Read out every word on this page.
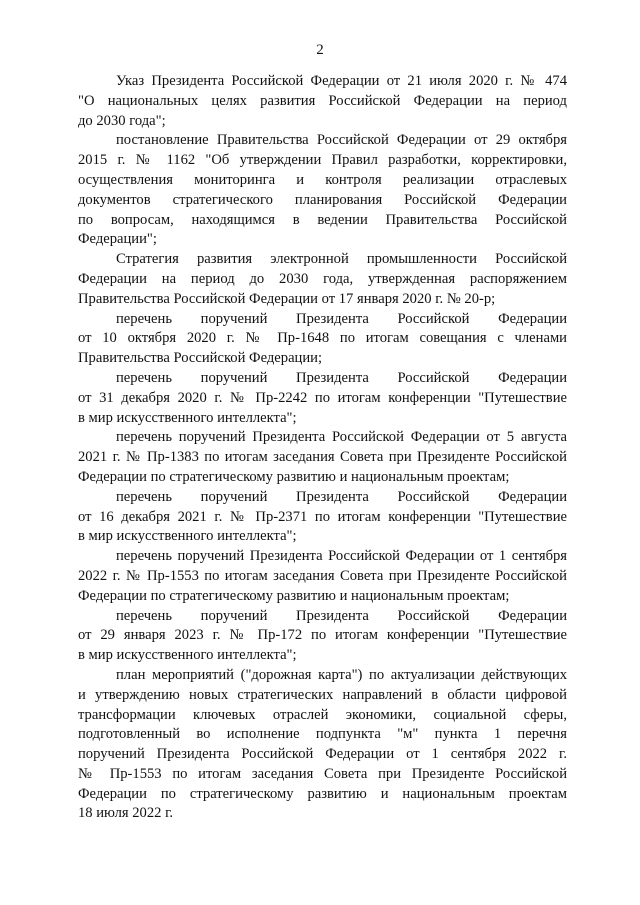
2
Указ Президента Российской Федерации от 21 июля 2020 г. № 474
"О национальных целях развития Российской Федерации на период
до 2030 года";
постановление Правительства Российской Федерации от 29 октября
2015 г. № 1162 "Об утверждении Правил разработки, корректировки,
осуществления мониторинга и контроля реализации отраслевых
документов стратегического планирования Российской Федерации
по вопросам, находящимся в ведении Правительства Российской
Федерации";
Стратегия развития электронной промышленности Российской
Федерации на период до 2030 года, утвержденная распоряжением
Правительства Российской Федерации от 17 января 2020 г. № 20-р;
перечень поручений Президента Российской Федерации
от 10 октября 2020 г. № Пр-1648 по итогам совещания с членами
Правительства Российской Федерации;
перечень поручений Президента Российской Федерации
от 31 декабря 2020 г. № Пр-2242 по итогам конференции "Путешествие
в мир искусственного интеллекта";
перечень поручений Президента Российской Федерации от 5 августа
2021 г. № Пр-1383 по итогам заседания Совета при Президенте Российской
Федерации по стратегическому развитию и национальным проектам;
перечень поручений Президента Российской Федерации
от 16 декабря 2021 г. № Пр-2371 по итогам конференции "Путешествие
в мир искусственного интеллекта";
перечень поручений Президента Российской Федерации от 1 сентября
2022 г. № Пр-1553 по итогам заседания Совета при Президенте Российской
Федерации по стратегическому развитию и национальным проектам;
перечень поручений Президента Российской Федерации
от 29 января 2023 г. № Пр-172 по итогам конференции "Путешествие
в мир искусственного интеллекта";
план мероприятий ("дорожная карта") по актуализации действующих
и утверждению новых стратегических направлений в области цифровой
трансформации ключевых отраслей экономики, социальной сферы,
подготовленный во исполнение подпункта "м" пункта 1 перечня
поручений Президента Российской Федерации от 1 сентября 2022 г.
№ Пр-1553 по итогам заседания Совета при Президенте Российской
Федерации по стратегическому развитию и национальным проектам
18 июля 2022 г.
